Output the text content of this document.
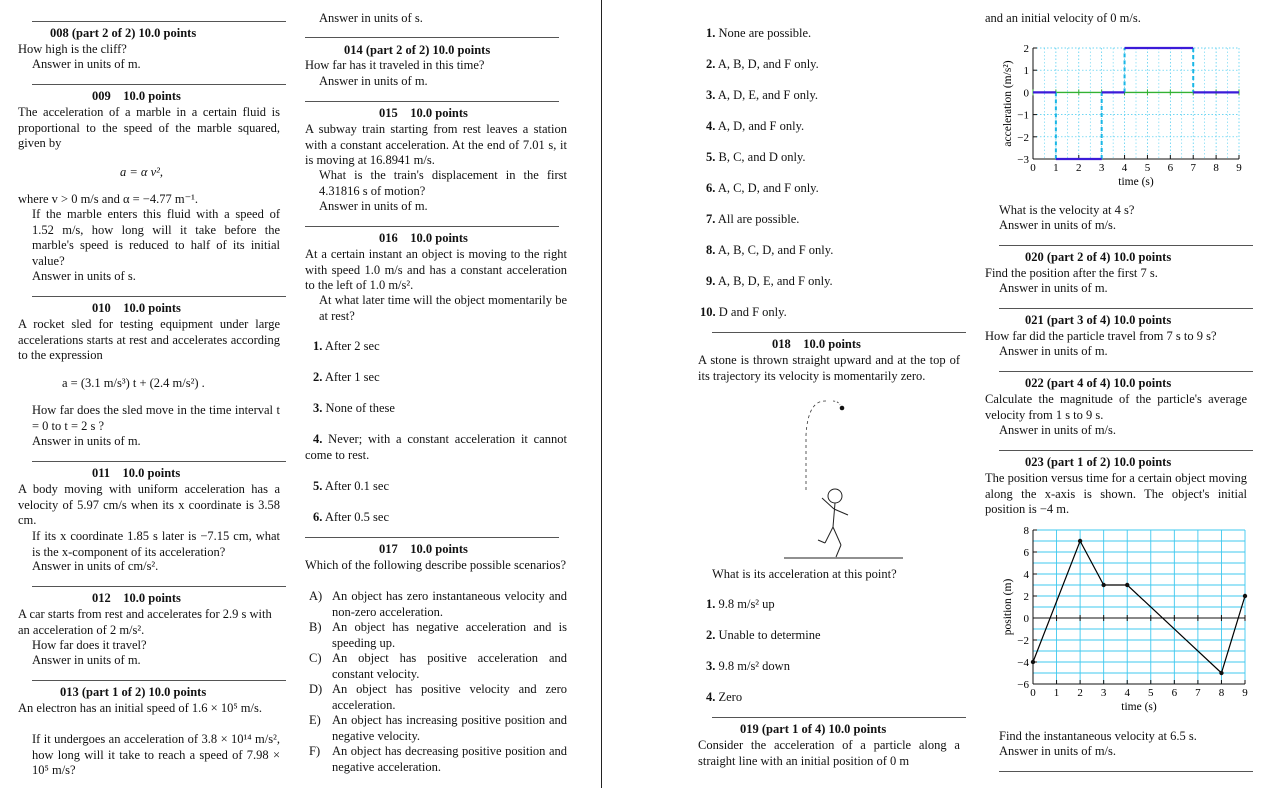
008 (part 2 of 2) 10.0 points
How high is the cliff?
Answer in units of m.
009    10.0 points
The acceleration of a marble in a certain fluid is proportional to the speed of the marble squared, given by
a = α v²,
where v > 0 m/s and α = −4.77 m⁻¹.
If the marble enters this fluid with a speed of 1.52 m/s, how long will it take before the marble's speed is reduced to half of its initial value?
Answer in units of s.
010    10.0 points
A rocket sled for testing equipment under large accelerations starts at rest and accelerates according to the expression
a = (3.1 m/s³) t + (2.4 m/s²) .
How far does the sled move in the time interval t = 0 to t = 2 s ?
Answer in units of m.
011    10.0 points
A body moving with uniform acceleration has a velocity of 5.97 cm/s when its x coordinate is 3.58 cm.
If its x coordinate 1.85 s later is −7.15 cm, what is the x-component of its acceleration?
Answer in units of cm/s².
012    10.0 points
A car starts from rest and accelerates for 2.9 s with an acceleration of 2 m/s².
How far does it travel?
Answer in units of m.
013 (part 1 of 2) 10.0 points
An electron has an initial speed of 1.6 × 10⁵ m/s.
If it undergoes an acceleration of 3.8 × 10¹⁴ m/s², how long will it take to reach a speed of 7.98 × 10⁵ m/s?
Answer in units of s.
014 (part 2 of 2) 10.0 points
How far has it traveled in this time?
Answer in units of m.
015    10.0 points
A subway train starting from rest leaves a station with a constant acceleration. At the end of 7.01 s, it is moving at 16.8941 m/s.
What is the train's displacement in the first 4.31816 s of motion?
Answer in units of m.
016    10.0 points
At a certain instant an object is moving to the right with speed 1.0 m/s and has a constant acceleration to the left of 1.0 m/s².
At what later time will the object momentarily be at rest?
1. After 2 sec
2. After 1 sec
3. None of these
4. Never; with a constant acceleration it cannot come to rest.
5. After 0.1 sec
6. After 0.5 sec
017    10.0 points
Which of the following describe possible scenarios?
A) An object has zero instantaneous velocity and non-zero acceleration.
B) An object has negative acceleration and is speeding up.
C) An object has positive acceleration and constant velocity.
D) An object has positive velocity and zero acceleration.
E) An object has increasing positive position and negative velocity.
F) An object has decreasing positive position and negative acceleration.
1. None are possible.
2. A, B, D, and F only.
3. A, D, E, and F only.
4. A, D, and F only.
5. B, C, and D only.
6. A, C, D, and F only.
7. All are possible.
8. A, B, C, D, and F only.
9. A, B, D, E, and F only.
10. D and F only.
018    10.0 points
A stone is thrown straight upward and at the top of its trajectory its velocity is momentarily zero.
What is its acceleration at this point?
1. 9.8 m/s² up
2. Unable to determine
3. 9.8 m/s² down
4. Zero
019 (part 1 of 4) 10.0 points
Consider the acceleration of a particle along a straight line with an initial position of 0 m
and an initial velocity of 0 m/s.
−3
−2
−1
0
1
2
0 1 2 3 4 5 6 7 8 9
time (s)
acceleration (m/s²)
What is the velocity at 4 s?
Answer in units of m/s.
020 (part 2 of 4) 10.0 points
Find the position after the first 7 s.
Answer in units of m.
021 (part 3 of 4) 10.0 points
How far did the particle travel from 7 s to 9 s?
Answer in units of m.
022 (part 4 of 4) 10.0 points
Calculate the magnitude of the particle's average velocity from 1 s to 9 s.
Answer in units of m/s.
023 (part 1 of 2) 10.0 points
The position versus time for a certain object moving along the x-axis is shown. The object's initial position is −4 m.
−6
−4
−2
0
2
4
6
8
0 1 2 3 4 5 6 7 8 9
time (s)
position (m)
Find the instantaneous velocity at 6.5 s.
Answer in units of m/s.
